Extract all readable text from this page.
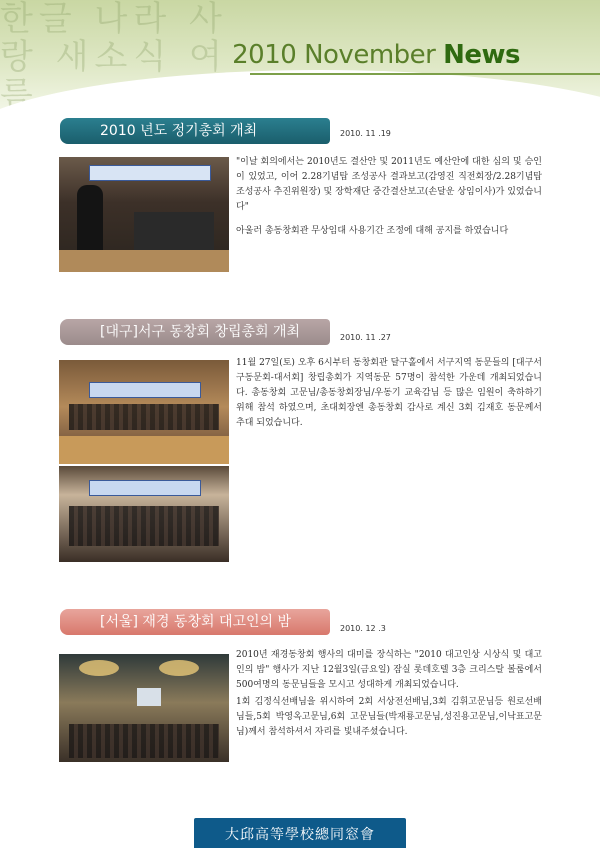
한글 나라 사랑 새소식 여름
2010 November News
2010 년도 정기총회 개최	2010. 11 .19
"이날 회의에서는 2010년도 결산안 및 2011년도 예산안에 대한 심의 및 승인이 있었고, 이어 2.28기념탑 조성공사 결과보고(감영진 직전회장/2.28기념탑 조성공사 추진위원장) 및 장학재단 중간결산보고(손달운 상임이사)가 있었습니다"
아울러 총동창회관 무상임대 사용기간 조정에 대해 공지를 하였습니다
[대구]서구 동창회 창립총회 개최	2010. 11 .27
11월 27일(토) 오후 6시부터 동창회관 달구홀에서 서구지역 동문들의 [대구서구동문회-대서회] 창립총회가 지역동문 57명이 참석한 가운데 개최되었습니다. 총동창회 고문님/총동창회장님/우동기 교육감님 등 많은 임원이 축하하기 위해 참석 하였으며, 초대회장엔 총동창회 감사로 계신 3회 김재호 동문께서 추대 되었습니다.
[서울] 재경 동창회 대고인의 밤	2010. 12 .3
2010년 재경동창회 행사의 대미를 장식하는 "2010 대고인상 시상식 및 대고인의 밤" 행사가 지난 12월3일(금요일) 잠실 롯데호텔 3층 크리스탈 볼룸에서 500여명의 동문님들을 모시고 성대하게 개최되었습니다.
1회 김정식선배님을 위시하여 2회 서상전선배님,3회 김휘고문님등 원로선배님들,5회 박영옥고문님,6회 고문님들(박재룡고문님,성진용고문님,이낙표고문님)께서 참석하셔서 자리를 빛내주셨습니다.
大邱高等學校總同窓會
